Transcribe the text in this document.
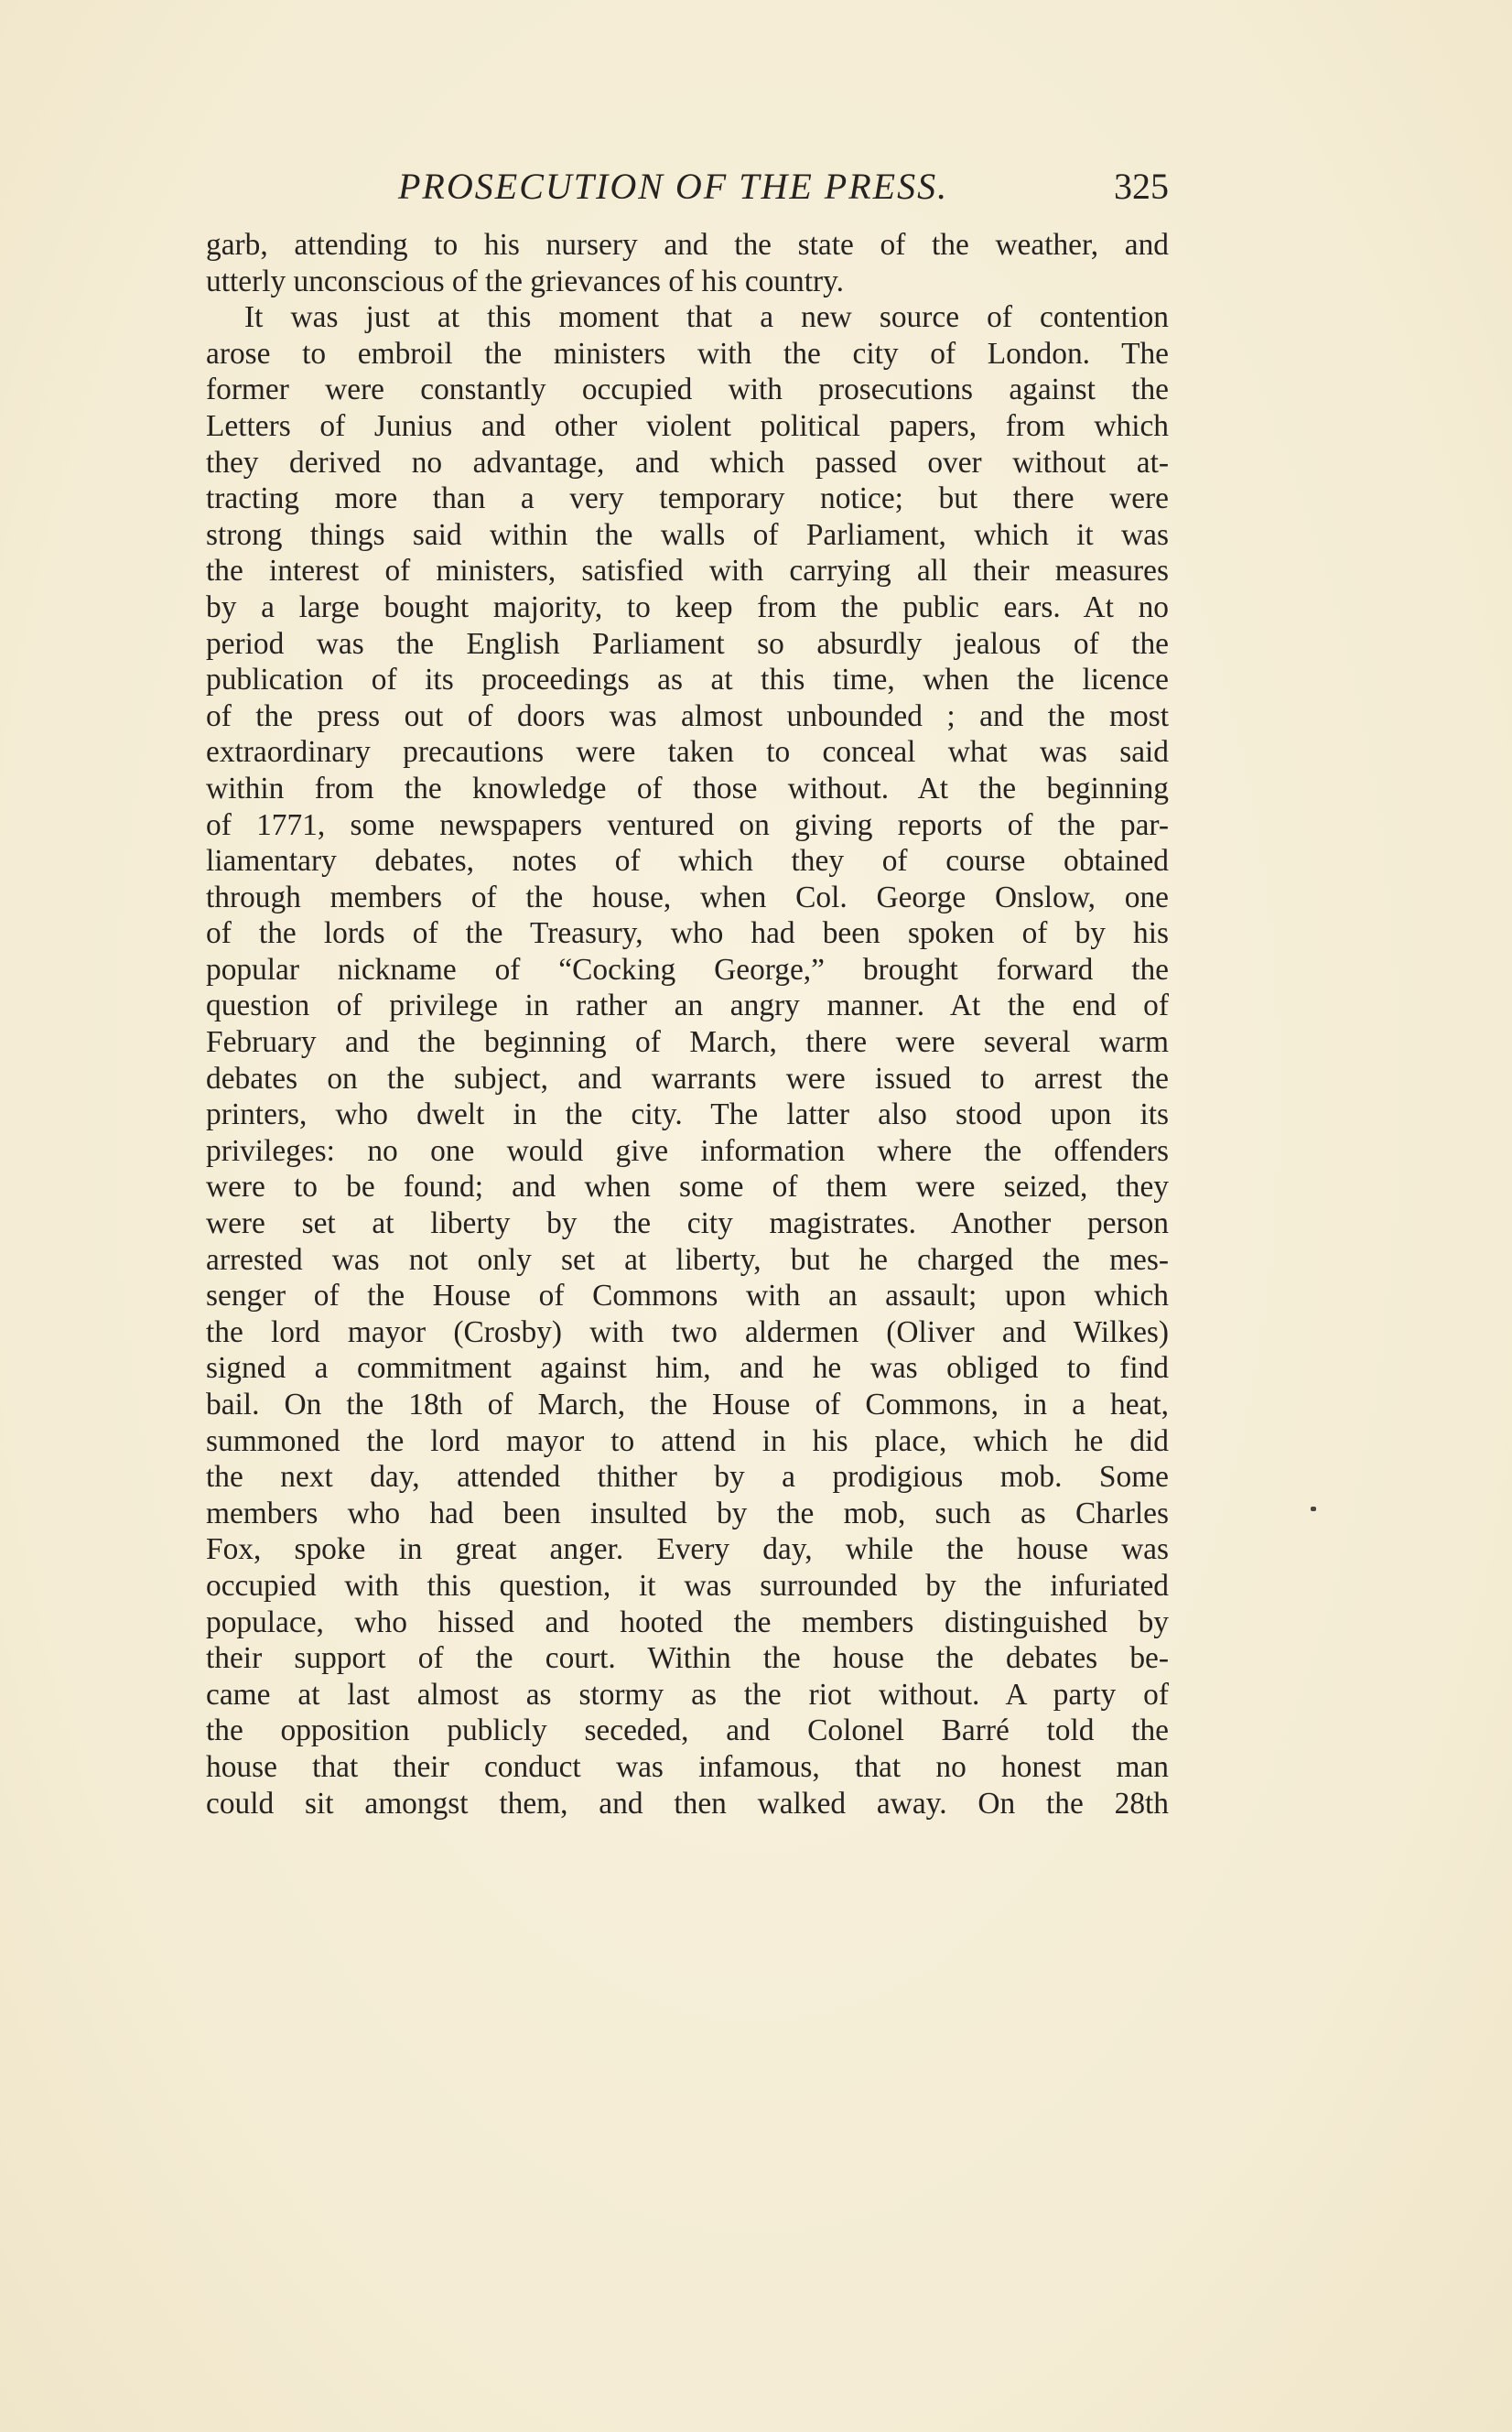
PROSECUTION OF THE PRESS.	325
garb, attending to his nursery and the state of the weather, and
utterly unconscious of the grievances of his country.
It was just at this moment that a new source of contention
arose to embroil the ministers with the city of London. The
former were constantly occupied with prosecutions against the
Letters of Junius and other violent political papers, from which
they derived no advantage, and which passed over without at-
tracting more than a very temporary notice; but there were
strong things said within the walls of Parliament, which it was
the interest of ministers, satisfied with carrying all their measures
by a large bought majority, to keep from the public ears. At no
period was the English Parliament so absurdly jealous of the
publication of its proceedings as at this time, when the licence
of the press out of doors was almost unbounded ; and the most
extraordinary precautions were taken to conceal what was said
within from the knowledge of those without. At the beginning
of 1771, some newspapers ventured on giving reports of the par-
liamentary debates, notes of which they of course obtained
through members of the house, when Col. George Onslow, one
of the lords of the Treasury, who had been spoken of by his
popular nickname of “Cocking George,” brought forward the
question of privilege in rather an angry manner. At the end of
February and the beginning of March, there were several warm
debates on the subject, and warrants were issued to arrest the
printers, who dwelt in the city. The latter also stood upon its
privileges: no one would give information where the offenders
were to be found; and when some of them were seized, they
were set at liberty by the city magistrates. Another person
arrested was not only set at liberty, but he charged the mes-
senger of the House of Commons with an assault; upon which
the lord mayor (Crosby) with two aldermen (Oliver and Wilkes)
signed a commitment against him, and he was obliged to find
bail. On the 18th of March, the House of Commons, in a heat,
summoned the lord mayor to attend in his place, which he did
the next day, attended thither by a prodigious mob. Some
members who had been insulted by the mob, such as Charles
Fox, spoke in great anger. Every day, while the house was
occupied with this question, it was surrounded by the infuriated
populace, who hissed and hooted the members distinguished by
their support of the court. Within the house the debates be-
came at last almost as stormy as the riot without. A party of
the opposition publicly seceded, and Colonel Barré told the
house that their conduct was infamous, that no honest man
could sit amongst them, and then walked away. On the 28th
